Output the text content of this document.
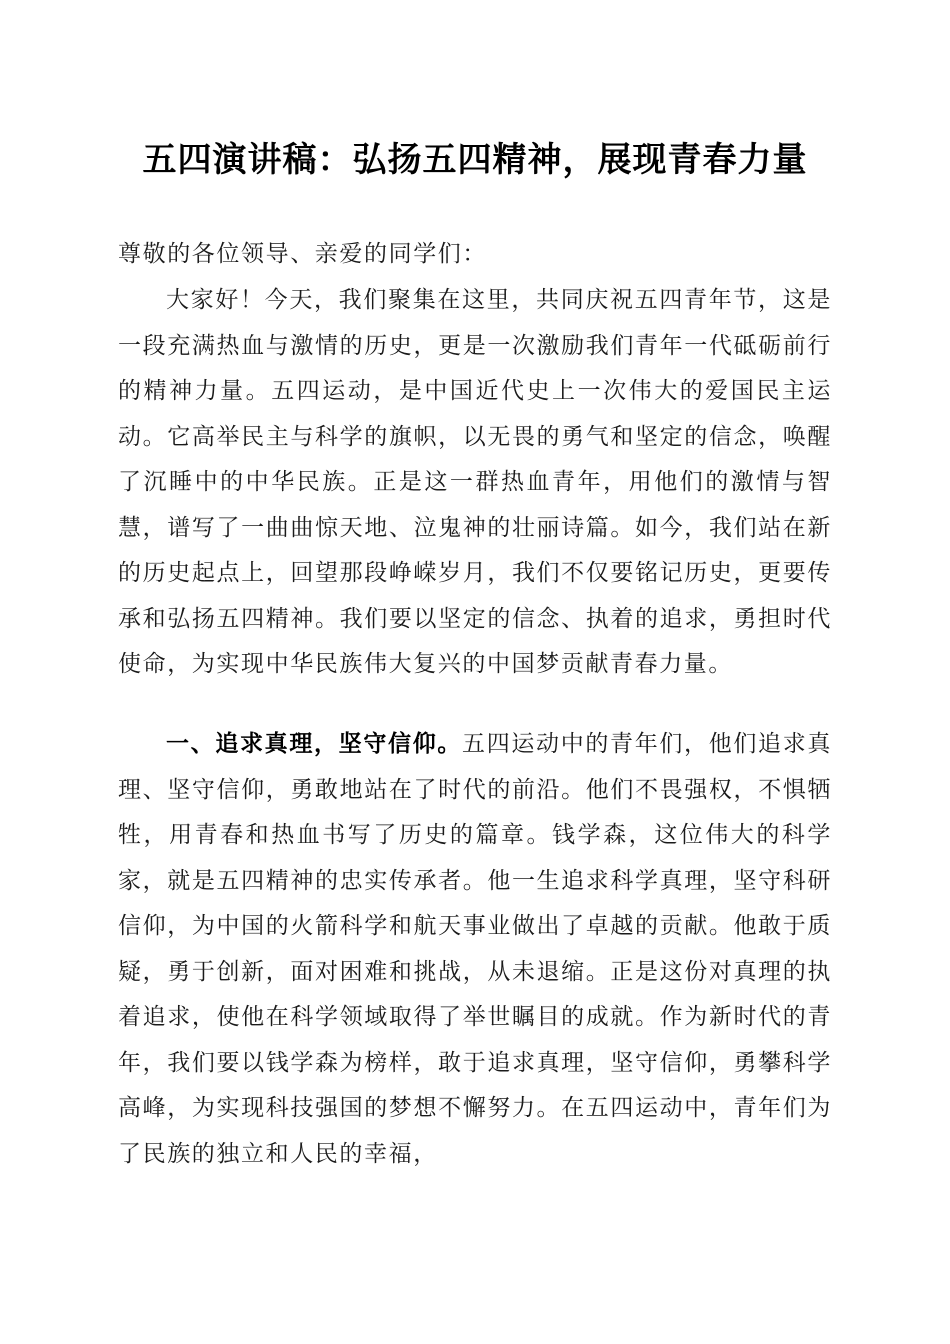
五四演讲稿：弘扬五四精神，展现青春力量

尊敬的各位领导、亲爱的同学们：

大家好！今天，我们聚集在这里，共同庆祝五四青年节，这是一段充满热血与激情的历史，更是一次激励我们青年一代砥砺前行的精神力量。五四运动，是中国近代史上一次伟大的爱国民主运动。它高举民主与科学的旗帜，以无畏的勇气和坚定的信念，唤醒了沉睡中的中华民族。正是这一群热血青年，用他们的激情与智慧，谱写了一曲曲惊天地、泣鬼神的壮丽诗篇。如今，我们站在新的历史起点上，回望那段峥嵘岁月，我们不仅要铭记历史，更要传承和弘扬五四精神。我们要以坚定的信念、执着的追求，勇担时代使命，为实现中华民族伟大复兴的中国梦贡献青春力量。

一、追求真理，坚守信仰。五四运动中的青年们，他们追求真理、坚守信仰，勇敢地站在了时代的前沿。他们不畏强权，不惧牺牲，用青春和热血书写了历史的篇章。钱学森，这位伟大的科学家，就是五四精神的忠实传承者。他一生追求科学真理，坚守科研信仰，为中国的火箭科学和航天事业做出了卓越的贡献。他敢于质疑，勇于创新，面对困难和挑战，从未退缩。正是这份对真理的执着追求，使他在科学领域取得了举世瞩目的成就。作为新时代的青年，我们要以钱学森为榜样，敢于追求真理，坚守信仰，勇攀科学高峰，为实现科技强国的梦想不懈努力。在五四运动中，青年们为了民族的独立和人民的幸福，
